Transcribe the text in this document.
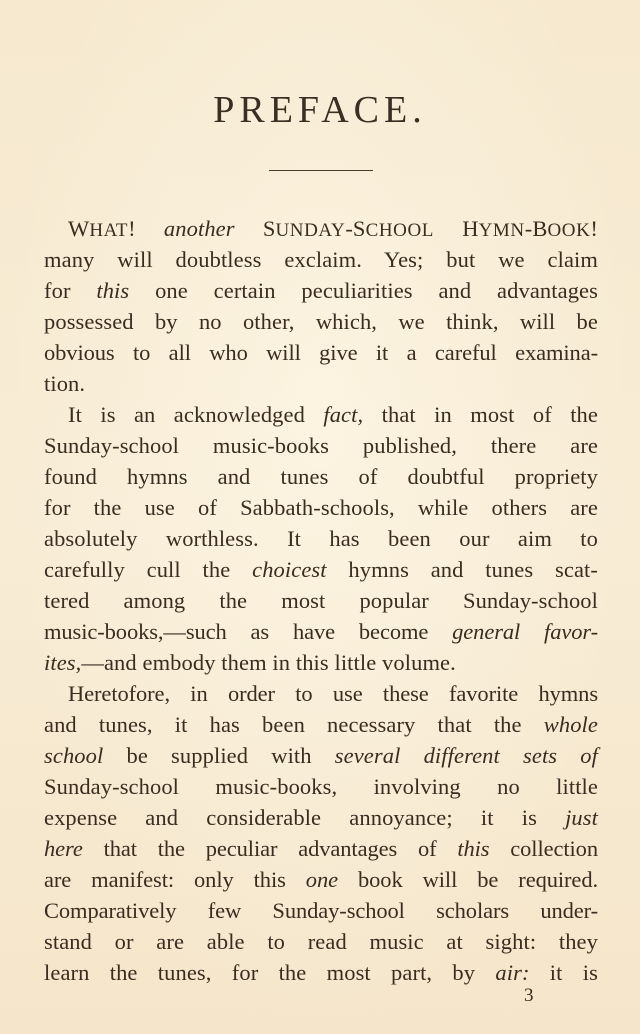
PREFACE.
WHAT! another SUNDAY-SCHOOL HYMN-BOOK!
many will doubtless exclaim. Yes; but we claim
for this one certain peculiarities and advantages
possessed by no other, which, we think, will be
obvious to all who will give it a careful examina-
tion.
It is an acknowledged fact, that in most of the
Sunday-school music-books published, there are
found hymns and tunes of doubtful propriety
for the use of Sabbath-schools, while others are
absolutely worthless. It has been our aim to
carefully cull the choicest hymns and tunes scat-
tered among the most popular Sunday-school
music-books,—such as have become general favor-
ites,—and embody them in this little volume.
Heretofore, in order to use these favorite hymns
and tunes, it has been necessary that the whole
school be supplied with several different sets of
Sunday-school music-books, involving no little
expense and considerable annoyance; it is just
here that the peculiar advantages of this collection
are manifest: only this one book will be required.
Comparatively few Sunday-school scholars under-
stand or are able to read music at sight: they
learn the tunes, for the most part, by air: it is
3
